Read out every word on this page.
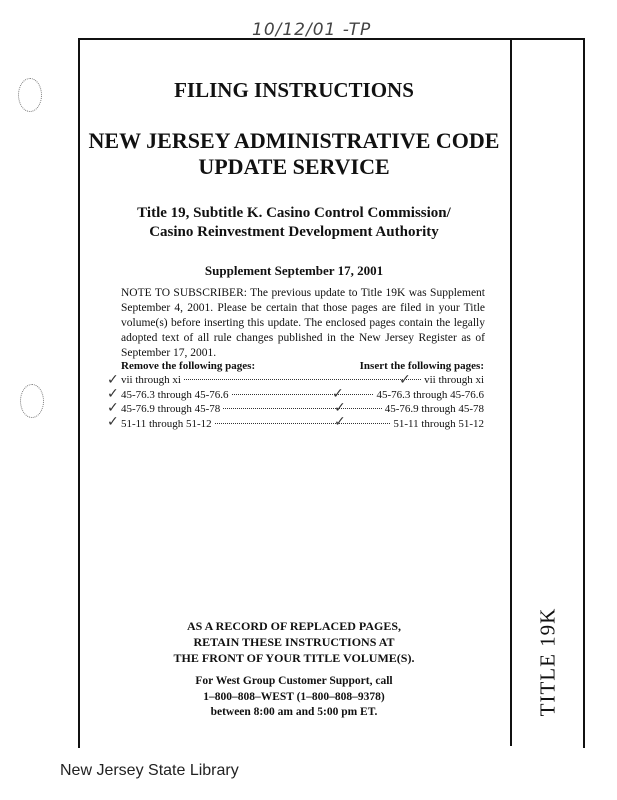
10/12/01 -TP
TITLE 19K
FILING INSTRUCTIONS
NEW JERSEY ADMINISTRATIVE CODE
UPDATE SERVICE
Title 19, Subtitle K. Casino Control Commission/
Casino Reinvestment Development Authority
Supplement September 17, 2001
NOTE TO SUBSCRIBER: The previous update to Title 19K was Supplement September 4, 2001. Please be certain that those pages are filed in your Title volume(s) before inserting this update. The enclosed pages contain the legally adopted text of all rule changes published in the New Jersey Register as of September 17, 2001.
Remove the following pages:	Insert the following pages:
vii through xi	vii through xi
45-76.3 through 45-76.6	45-76.3 through 45-76.6
45-76.9 through 45-78	45-76.9 through 45-78
51-11 through 51-12	51-11 through 51-12
✓
✓
✓
✓
✓
✓
✓
✓
AS A RECORD OF REPLACED PAGES,
RETAIN THESE INSTRUCTIONS AT
THE FRONT OF YOUR TITLE VOLUME(S).
For West Group Customer Support, call
1–800–808–WEST (1–800–808–9378)
between 8:00 am and 5:00 pm ET.
New Jersey State Library
